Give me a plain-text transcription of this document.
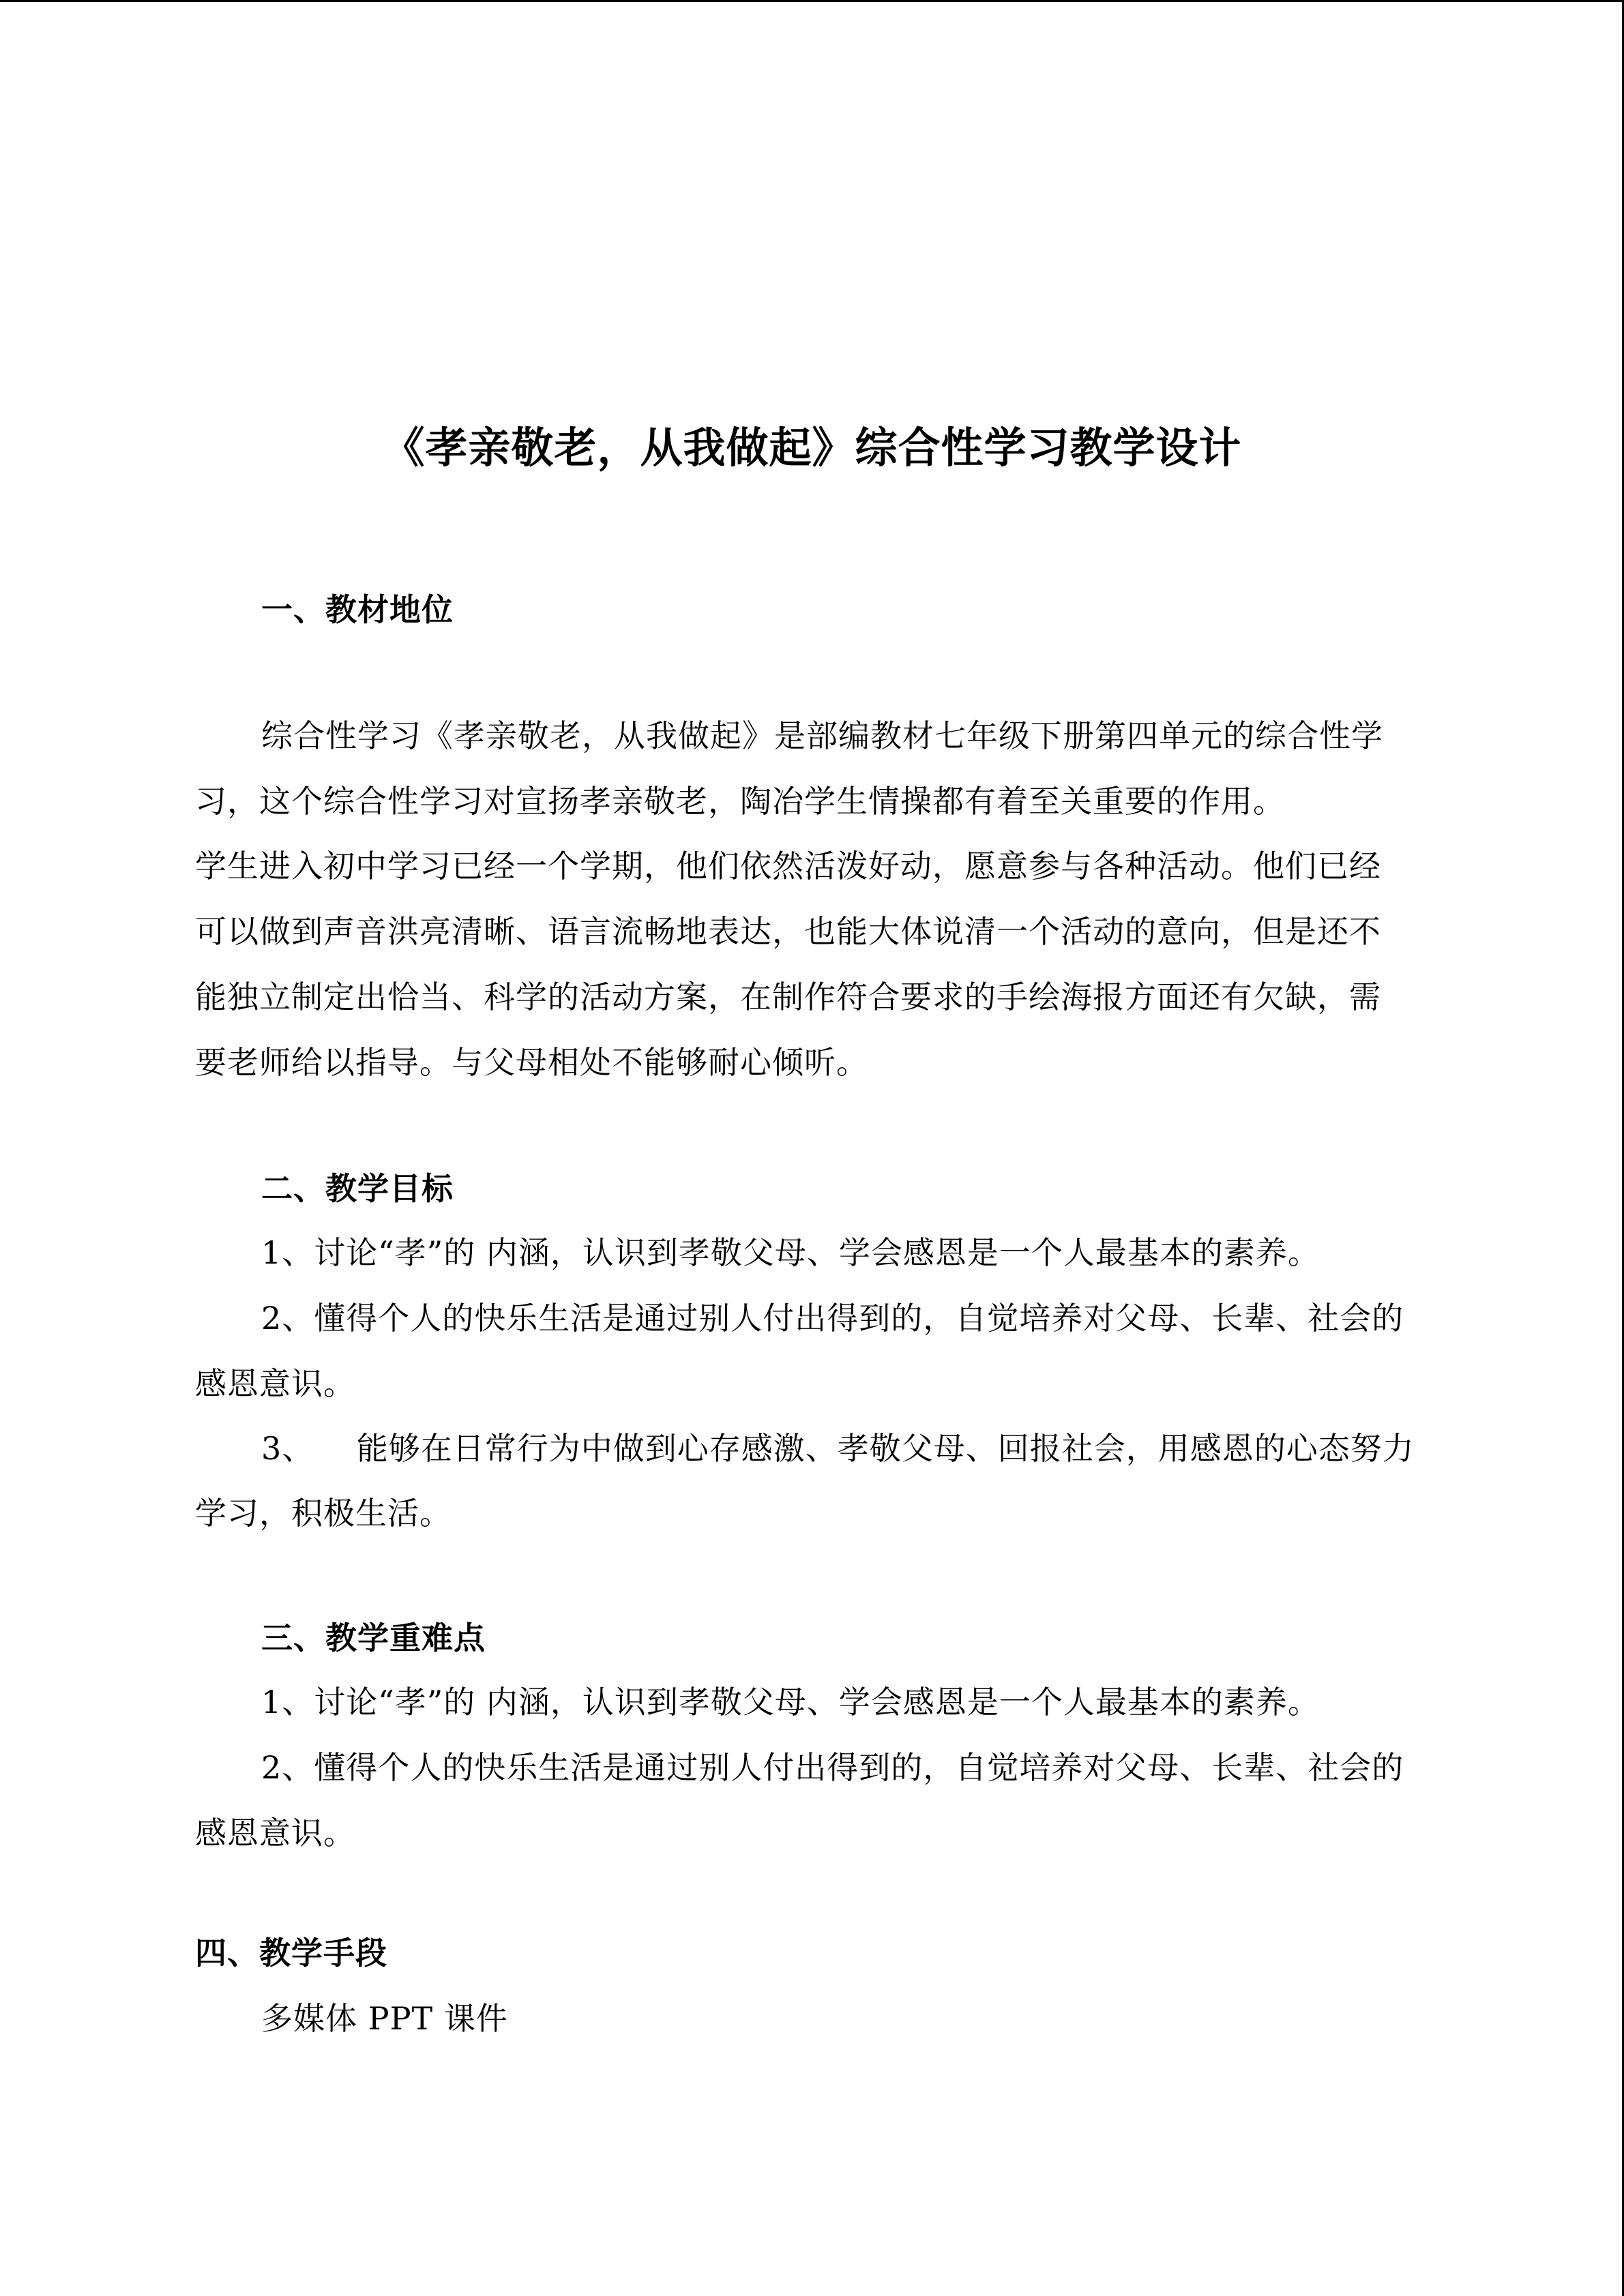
《孝亲敬老，从我做起》综合性学习教学设计
一、教材地位
综合性学习《孝亲敬老，从我做起》是部编教材七年级下册第四单元的综合性学
习，这个综合性学习对宣扬孝亲敬老，陶冶学生情操都有着至关重要的作用。
学生进入初中学习已经一个学期，他们依然活泼好动，愿意参与各种活动。他们已经
可以做到声音洪亮清晰、语言流畅地表达，也能大体说清一个活动的意向，但是还不
能独立制定出恰当、科学的活动方案，在制作符合要求的手绘海报方面还有欠缺，需
要老师给以指导。与父母相处不能够耐心倾听。
二、教学目标
1、讨论“孝”的 内涵，认识到孝敬父母、学会感恩是一个人最基本的素养。
2、懂得个人的快乐生活是通过别人付出得到的，自觉培养对父母、长辈、社会的
感恩意识。
3、    能够在日常行为中做到心存感激、孝敬父母、回报社会，用感恩的心态努力
学习，积极生活。
三、教学重难点
1、讨论“孝”的 内涵，认识到孝敬父母、学会感恩是一个人最基本的素养。
2、懂得个人的快乐生活是通过别人付出得到的，自觉培养对父母、长辈、社会的
感恩意识。
四、教学手段
多媒体 PPT 课件
